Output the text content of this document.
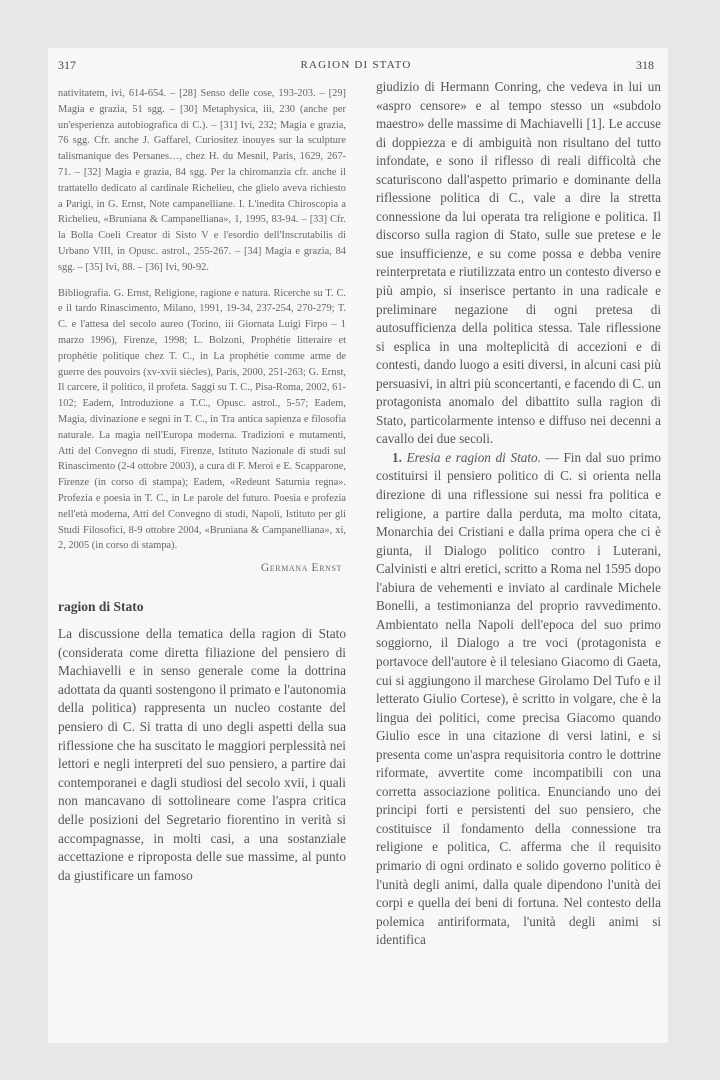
317	RAGION DI STATO	318

nativitatem, ivi, 614-654. – [28] Senso delle cose, 193-203. – [29] Magia e grazia, 51 sgg. – [30] Metaphysica, iii, 230 (anche per un'esperienza autobiografica di C.). – [31] Ivi, 232; Magia e grazia, 76 sgg. Cfr. anche J. Gaffarel, Curiositez inouyes sur la sculpture talismanique des Persanes…, chez H. du Mesnil, Paris, 1629, 267-71. – [32] Magia e grazia, 84 sgg. Per la chiromanzia cfr. anche il trattatello dedicato al cardinale Richelieu, che glielo aveva richiesto a Parigi, in G. Ernst, Note campanelliane. I. L'inedita Chiroscopia a Richelieu, «Bruniana & Campanelliana», 1, 1995, 83-94. – [33] Cfr. la Bolla Coeli Creator di Sisto V e l'esordio dell'Inscrutabilis di Urbano VIII, in Opusc. astrol., 255-267. – [34] Magia e grazia, 84 sgg. – [35] Ivi, 88. – [36] Ivi, 90-92.

Bibliografia. G. Ernst, Religione, ragione e natura. Ricerche su T. C. e il tardo Rinascimento, Milano, 1991, 19-34, 237-254, 270-279; T. C. e l'attesa del secolo aureo (Torino, iii Giornata Luigi Firpo – 1 marzo 1996), Firenze, 1998; L. Bolzoni, Prophétie litteraire et prophétie politique chez T. C., in La prophétie comme arme de guerre des pouvoirs (xv-xvii siècles), Paris, 2000, 251-263; G. Ernst, Il carcere, il politico, il profeta. Saggi su T. C., Pisa-Roma, 2002, 61-102; Eadem, Introduzione a T.C., Opusc. astrol., 5-57; Eadem, Magia, divinazione e segni in T. C., in Tra antica sapienza e filosofia naturale. La magia nell'Europa moderna. Tradizioni e mutamenti, Atti del Convegno di studi, Firenze, Istituto Nazionale di studi sul Rinascimento (2-4 ottobre 2003), a cura di F. Meroi e E. Scapparone, Firenze (in corso di stampa); Eadem, «Redeunt Saturnia regna». Profezia e poesia in T. C., in Le parole del futuro. Poesia e profezia nell'età moderna, Atti del Convegno di studi, Napoli, Istituto per gli Studi Filosofici, 8-9 ottobre 2004, «Bruniana & Campanelliana», xi, 2, 2005 (in corso di stampa).

Germana Ernst
ragion di Stato

La discussione della tematica della ragion di Stato (considerata come diretta filiazione del pensiero di Machiavelli e in senso generale come la dottrina adottata da quanti sostengono il primato e l'autonomia della politica) rappresenta un nucleo costante del pensiero di C. Si tratta di uno degli aspetti della sua riflessione che ha suscitato le maggiori perplessità nei lettori e negli interpreti del suo pensiero, a partire dai contemporanei e dagli studiosi del secolo xvii, i quali non mancavano di sottolineare come l'aspra critica delle posizioni del Segretario fiorentino in verità si accompagnasse, in molti casi, a una sostanziale accettazione e riproposta delle sue massime, al punto da giustificare un famoso

giudizio di Hermann Conring, che vedeva in lui un «aspro censore» e al tempo stesso un «subdolo maestro» delle massime di Machiavelli [1]. Le accuse di doppiezza e di ambiguità non risultano del tutto infondate, e sono il riflesso di reali difficoltà che scaturiscono dall'aspetto primario e dominante della riflessione politica di C., vale a dire la stretta connessione da lui operata tra religione e politica. Il discorso sulla ragion di Stato, sulle sue pretese e le sue insufficienze, e su come possa e debba venire reinterpretata e riutilizzata entro un contesto diverso e più ampio, si inserisce pertanto in una radicale e preliminare negazione di ogni pretesa di autosufficienza della politica stessa. Tale riflessione si esplica in una molteplicità di accezioni e di contesti, dando luogo a esiti diversi, in alcuni casi più persuasivi, in altri più sconcertanti, e facendo di C. un protagonista anomalo del dibattito sulla ragion di Stato, particolarmente intenso e diffuso nei decenni a cavallo dei due secoli.

1. Eresia e ragion di Stato. — Fin dal suo primo costituirsi il pensiero politico di C. si orienta nella direzione di una riflessione sui nessi fra politica e religione, a partire dalla perduta, ma molto citata, Monarchia dei Cristiani e dalla prima opera che ci è giunta, il Dialogo politico contro i Luterani, Calvinisti e altri eretici, scritto a Roma nel 1595 dopo l'abiura de vehementi e inviato al cardinale Michele Bonelli, a testimonianza del proprio ravvedimento. Ambientato nella Napoli dell'epoca del suo primo soggiorno, il Dialogo a tre voci (protagonista e portavoce dell'autore è il telesiano Giacomo di Gaeta, cui si aggiungono il marchese Girolamo Del Tufo e il letterato Giulio Cortese), è scritto in volgare, che è la lingua dei politici, come precisa Giacomo quando Giulio esce in una citazione di versi latini, e si presenta come un'aspra requisitoria contro le dottrine riformate, avvertite come incompatibili con una corretta associazione politica. Enunciando uno dei principi forti e persistenti del suo pensiero, che costituisce il fondamento della connessione tra religione e politica, C. afferma che il requisito primario di ogni ordinato e solido governo politico è l'unità degli animi, dalla quale dipendono l'unità dei corpi e quella dei beni di fortuna. Nel contesto della polemica antiriformata, l'unità degli animi si identifica
